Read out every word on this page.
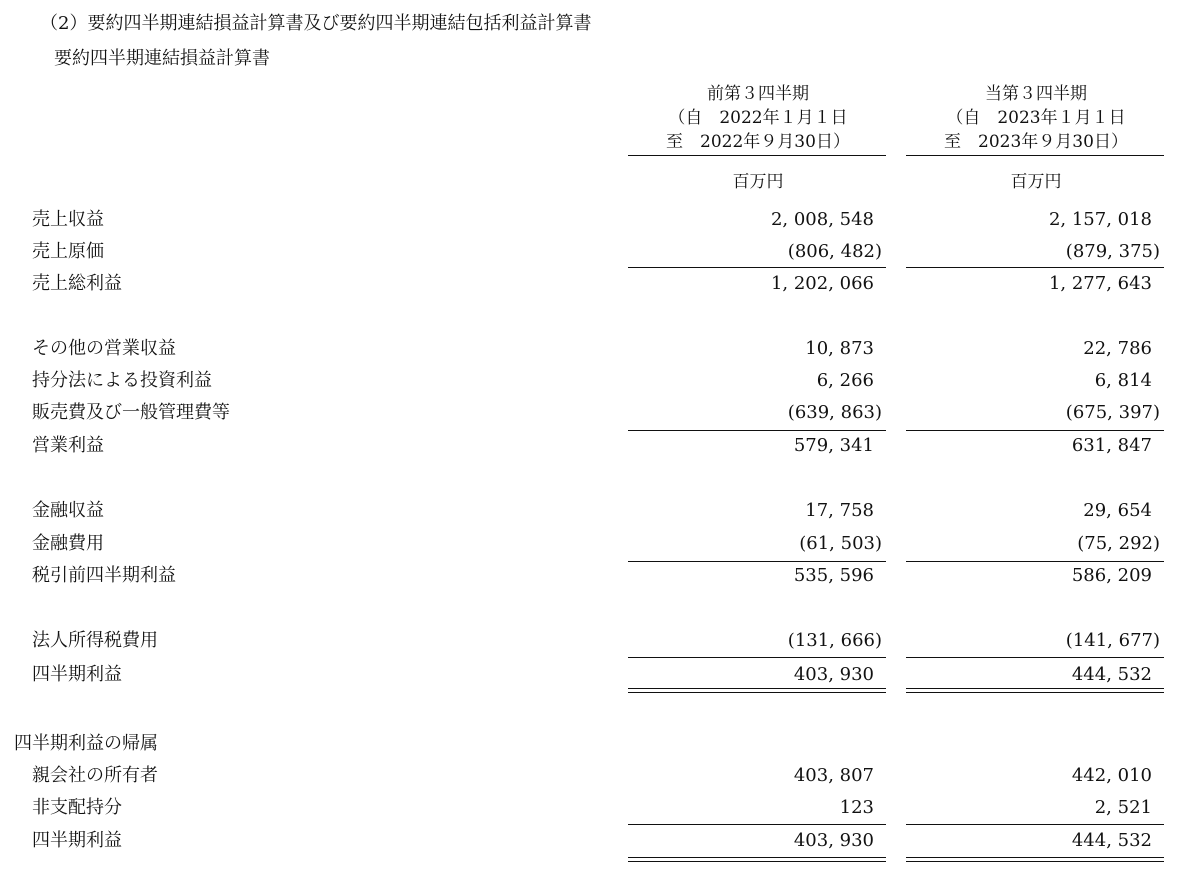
（2）要約四半期連結損益計算書及び要約四半期連結包括利益計算書
要約四半期連結損益計算書
前第３四半期
（自　2022年１月１日
至　2022年９月30日）
当第３四半期
（自　2023年１月１日
至　2023年９月30日）
百万円	百万円
売上収益	2, 008, 548	2, 157, 018
売上原価	(806, 482)	(879, 375)
売上総利益	1, 202, 066	1, 277, 643
その他の営業収益	10, 873	22, 786
持分法による投資利益	6, 266	6, 814
販売費及び一般管理費等	(639, 863)	(675, 397)
営業利益	579, 341	631, 847
金融収益	17, 758	29, 654
金融費用	(61, 503)	(75, 292)
税引前四半期利益	535, 596	586, 209
法人所得税費用	(131, 666)	(141, 677)
四半期利益	403, 930	444, 532
四半期利益の帰属
親会社の所有者	403, 807	442, 010
非支配持分	123	2, 521
四半期利益	403, 930	444, 532
